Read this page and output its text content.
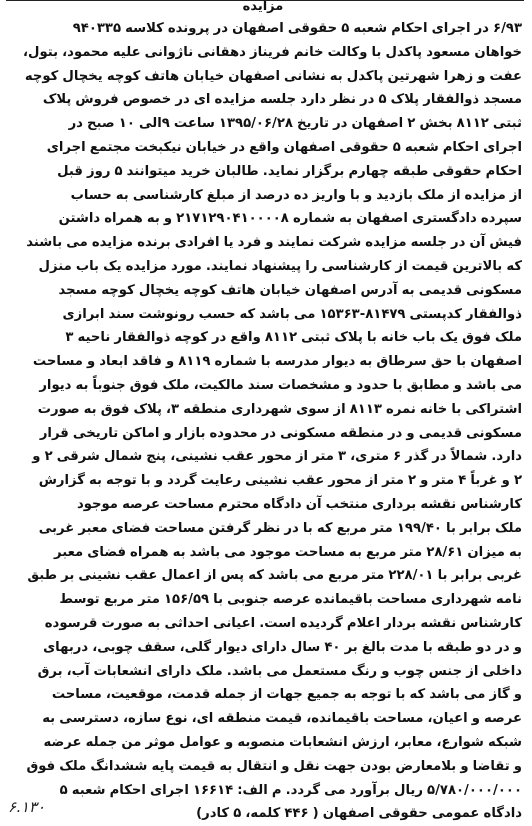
مزایده
۶/۹۳ در اجرای احکام شعبه ۵ حقوقی اصفهان در پرونده کلاسه ۹۴۰۳۳۵
خواهان مسعود پاکدل با وکالت خانم فریناز دهقانی ناژوانی علیه محمود، بتول،
عفت و زهرا شهرتین پاکدل به نشانی اصفهان خیابان هاتف کوچه یخچال کوچه
مسجد ذوالفقار پلاک ۵ در نظر دارد جلسه مزایده ای در خصوص فروش پلاک
ثبتی ۸۱۱۲ بخش ۲ اصفهان در تاریخ ۱۳۹۵/۰۶/۲۸ ساعت ۹الی ۱۰ صبح در
اجرای احکام شعبه ۵ حقوقی اصفهان واقع در خیابان نیکبخت مجتمع اجرای
احکام حقوقی طبقه چهارم برگزار نماید. طالبان خرید میتوانند ۵ روز قبل
از مزایده از ملک بازدید و با واریز ده درصد از مبلغ کارشناسی به حساب
سپرده دادگستری اصفهان به شماره ۲۱۷۱۲۹۰۴۱۰۰۰۰۸ و به همراه داشتن
فیش آن در جلسه مزایده شرکت نمایند و فرد یا افرادی برنده مزایده می باشند
که بالاترین قیمت از کارشناسی را پیشنهاد نمایند. مورد مزایده یک باب منزل
مسکونی قدیمی به آدرس اصفهان خیابان هاتف کوچه یخچال کوچه مسجد
ذوالفقار کدپستی ۸۱۴۷۹-۱۵۳۶۳ می باشد که حسب رونوشت سند ابرازی
ملک فوق یک باب خانه با پلاک ثبتی ۸۱۱۲ واقع در کوچه ذوالفقار ناحیه ۳
اصفهان با حق سرطاق به دیوار مدرسه با شماره ۸۱۱۹ و فاقد ابعاد و مساحت
می باشد و مطابق با حدود و مشخصات سند مالکیت، ملک فوق جنوباً به دیوار
اشتراکی با خانه نمره ۸۱۱۳ از سوی شهرداری منطقه ۳، پلاک فوق به صورت
مسکونی قدیمی و در منطقه مسکونی در محدوده بازار و اماکن تاریخی قرار
دارد. شمالاً در گذر ۶ متری، ۳ متر از محور عقب نشینی، پنج شمال شرقی ۲ و
۲ و غرباً ۴ متر و ۲ متر از محور عقب نشینی رعایت گردد و با توجه به گزارش
کارشناس نقشه برداری منتخب آن دادگاه محترم مساحت عرصه موجود
ملک برابر با ۱۹۹/۴۰ متر مربع که با در نظر گرفتن مساحت فضای معبر غربی
به میزان ۲۸/۶۱ متر مربع به مساحت موجود می باشد به همراه فضای معبر
غربی برابر با ۲۲۸/۰۱ متر مربع می باشد که پس از اعمال عقب نشینی بر طبق
نامه شهرداری مساحت باقیمانده عرصه جنوبی با ۱۵۶/۵۹ متر مربع توسط
کارشناس نقشه بردار اعلام گردیده است. اعیانی احداثی به صورت قرسوده
و در دو طبقه با مدت بالغ بر ۴۰ سال دارای دیوار گلی، سقف چوبی، دربهای
داخلی از جنس چوب و رنگ مستعمل می باشد. ملک دارای انشعابات آب، برق
و گاز می باشد که با توجه به جمیع جهات از جمله قدمت، موقعیت، مساحت
عرصه و اعیان، مساحت باقیمانده، قیمت منطقه ای، نوع سازه، دسترسی به
شبکه شوارع، معابر، ارزش انشعابات منصوبه و عوامل موثر من جمله عرضه
و تقاضا و بلامعارض بودن جهت نقل و انتقال به قیمت پایه ششدانگ ملک فوق
۵/۷۸۰/۰۰۰/۰۰۰ ریال برآورد می گردد. م الف: ۱۶۶۱۴ اجرای احکام شعبه ۵
دادگاه عمومی حقوقی اصفهان ( ۴۴۶ کلمه، ۵ کادر)
۶.۱۳۰
